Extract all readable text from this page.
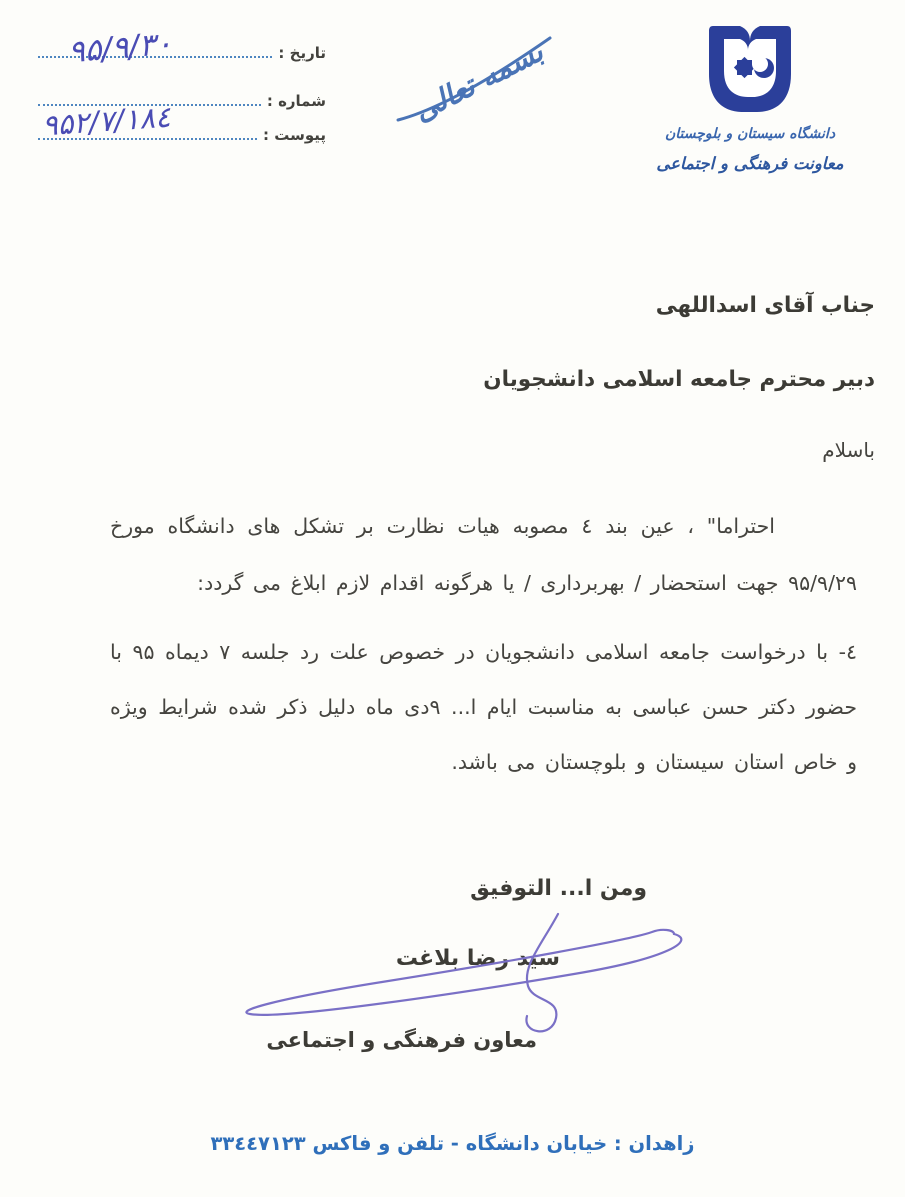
تاریخ :
شماره :
پیوست :
۹۵/۹/۳۰
۹۵۲/۷/۱۸٤	بسمه تعالی
دانشگاه سیستان و بلوچستان
معاونت فرهنگی و اجتماعی
جناب آقای اسداللهی
دبیر محترم جامعه اسلامی دانشجویان
باسلام

احتراما" ، عین بند ٤ مصوبه هیات نظارت بر تشکل های دانشگاه مورخ ۹۵/۹/۲۹ جهت استحضار / بهربرداری / یا هرگونه اقدام لازم ابلاغ می گردد:

٤- با درخواست جامعه اسلامی دانشجویان در خصوص علت رد جلسه ۷ دیماه ۹۵ با حضور دکتر حسن عباسی به مناسبت ایام ا... ۹دی ماه دلیل ذکر شده شرایط ویژه و خاص استان سیستان و بلوچستان می باشد.

ومن ا... التوفیق
سید رضا بلاغت
معاون فرهنگی و اجتماعی
زاهدان : خیابان دانشگاه - تلفن و فاکس ۳۳٤٤۷۱۲۳
